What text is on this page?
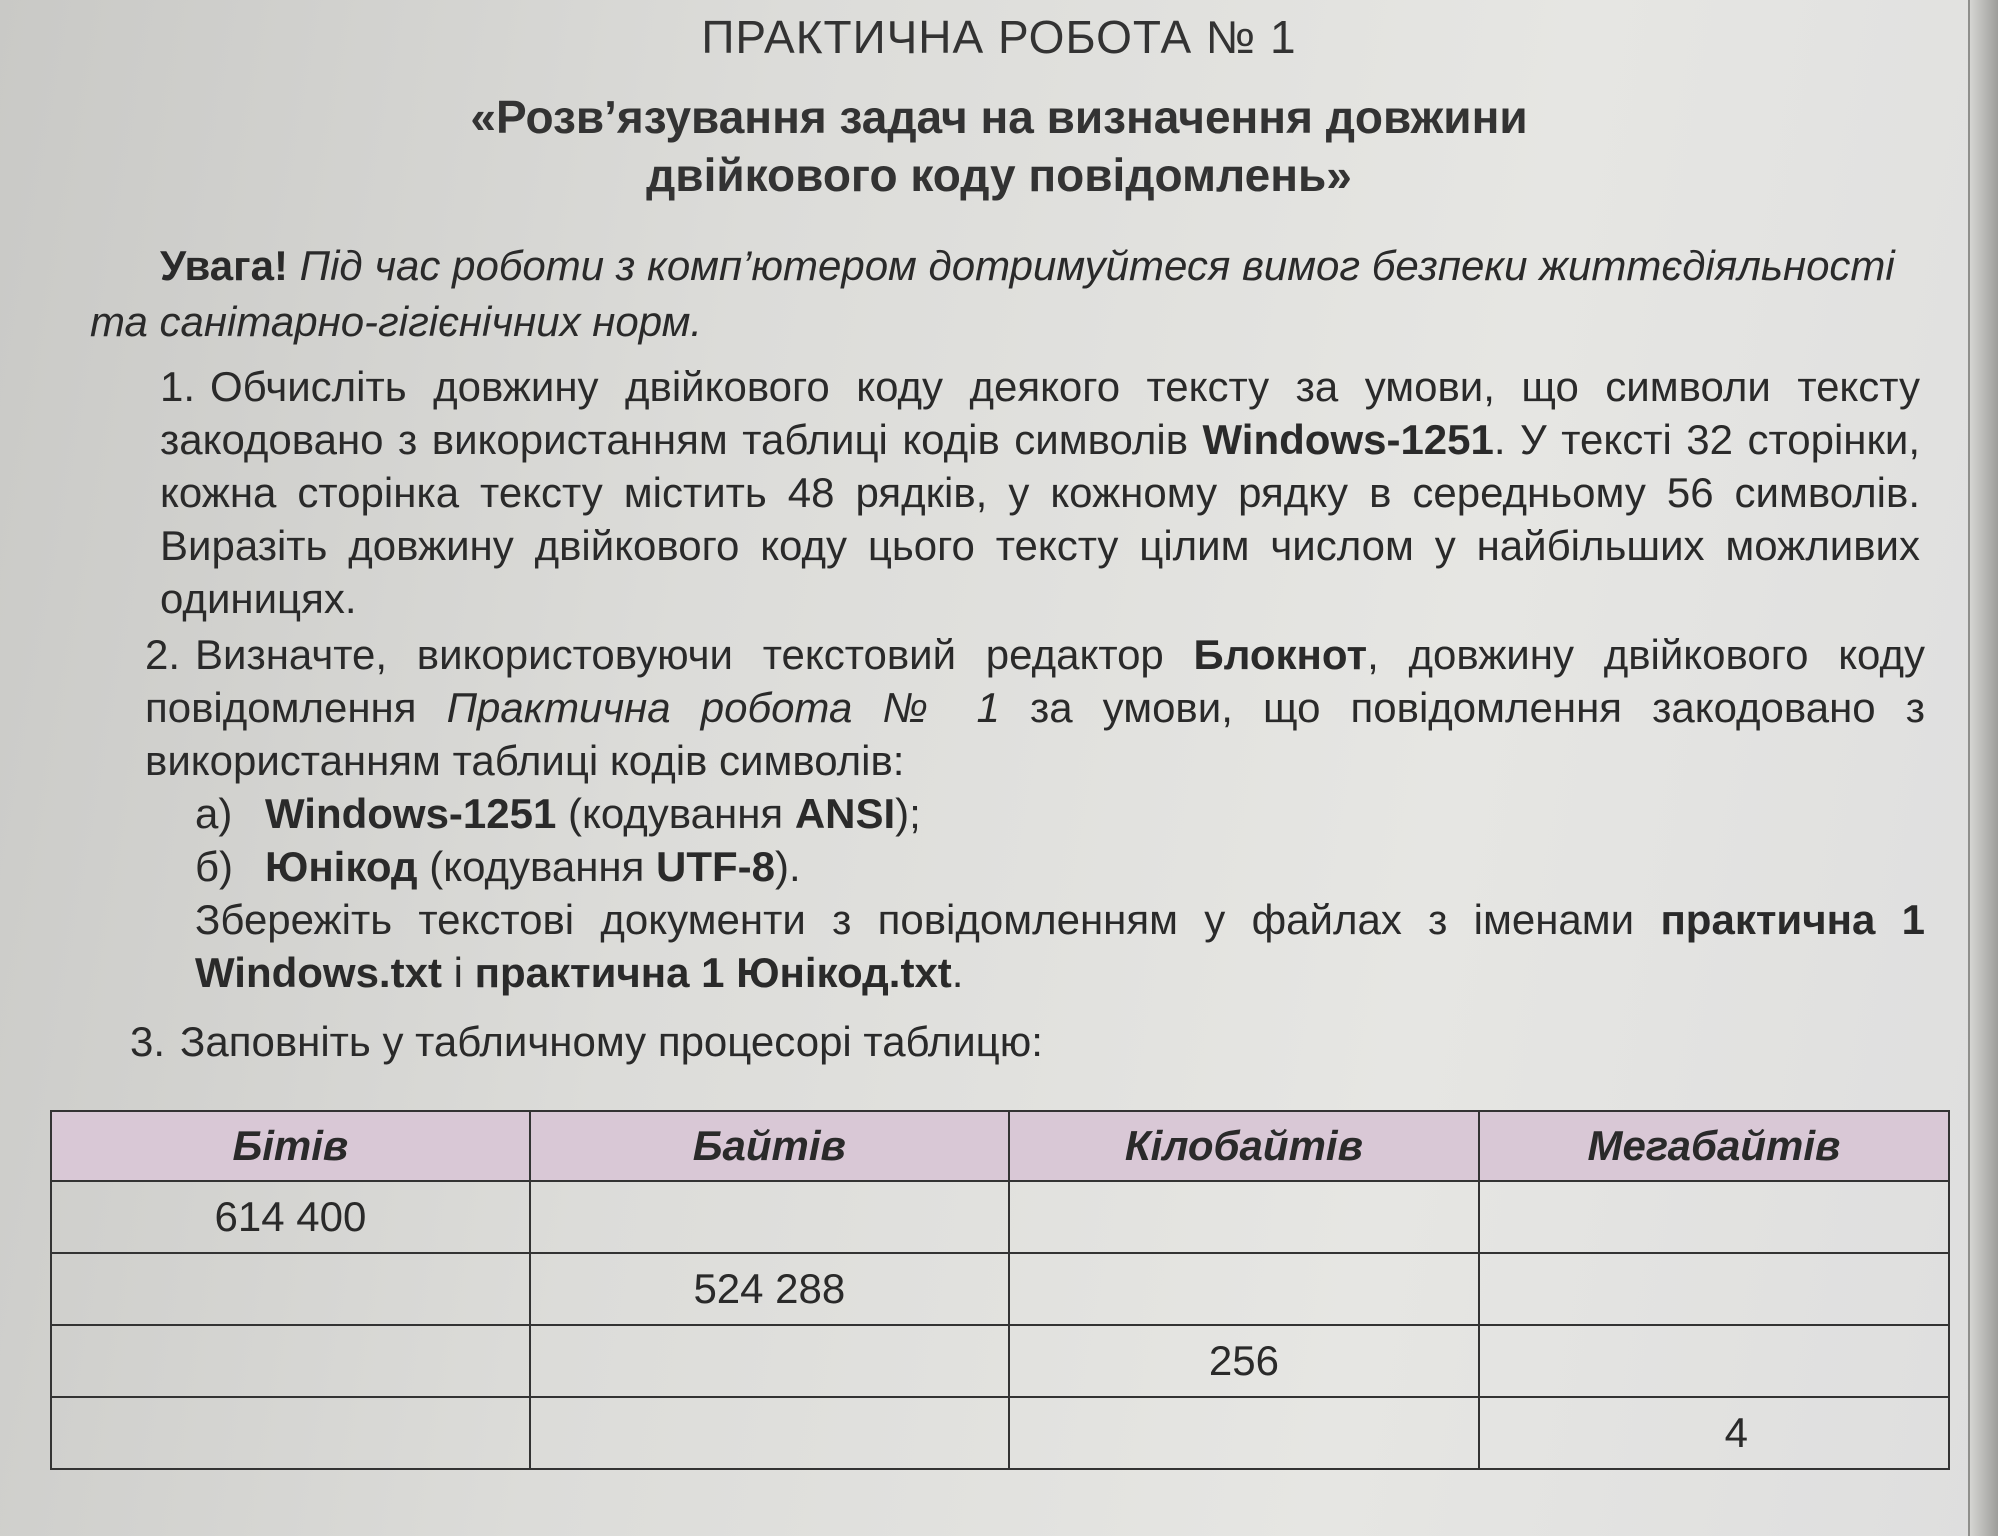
ПРАКТИЧНА РОБОТА № 1
«Розв’язування задач на визначення довжини
двійкового коду повідомлень»
Увага! Під час роботи з комп’ютером дотримуйтеся вимог безпеки життєдіяльності та санітарно-гігієнічних норм.
1. Обчисліть довжину двійкового коду деякого тексту за умови, що символи тексту закодовано з використанням таблиці кодів символів Windows-1251. У тексті 32 сторінки, кожна сторінка тексту містить 48 рядків, у кожному рядку в середньому 56 символів. Виразіть довжину двійкового коду цього тексту цілим числом у найбільших можливих одиницях.
2. Визначте, використовуючи текстовий редактор Блокнот, довжину двійкового коду повідомлення Практична робота № 1 за умови, що повідомлення закодовано з використанням таблиці кодів символів:
а) Windows-1251 (кодування ANSI);
б) Юнікод (кодування UTF-8).
Збережіть текстові документи з повідомленням у файлах з іменами практична 1 Windows.txt і практична 1 Юнікод.txt.
3. Заповніть у табличному процесорі таблицю:
Бітів	Байтів	Кілобайтів	Мегабайтів
614 400			
	524 288		
		256	
			4
